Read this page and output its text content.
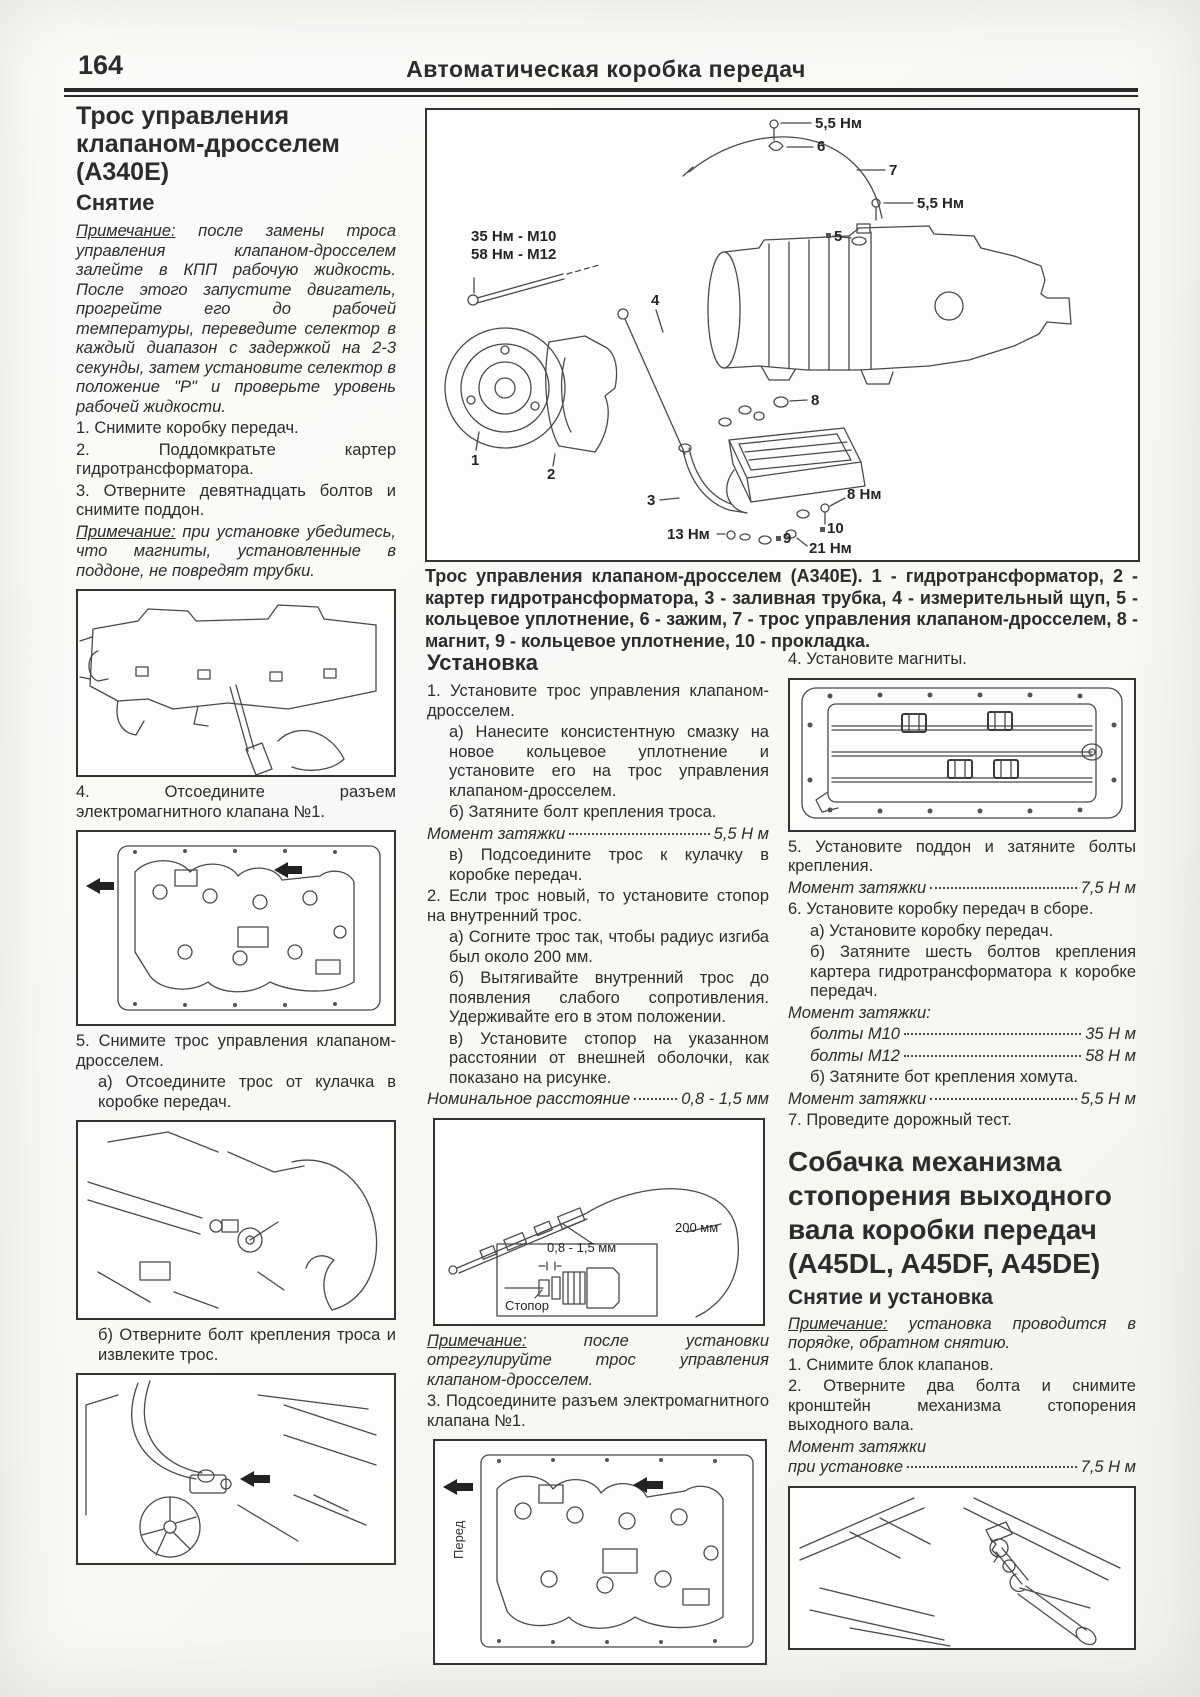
164	Автоматическая коробка передач
Трос управления клапаном-дросселем (А340Е)
Снятие

Примечание: после замены троса управления клапаном-дросселем залейте в КПП рабочую жидкость. После этого запустите двигатель, прогрейте его до рабочей температуры, переведите селектор в каждый диапазон с задержкой на 2-3 секунды, затем установите селектор в положение "Р" и проверьте уровень рабочей жидкости.

1. Снимите коробку передач.

2. Поддомкратьте картер гидротрансформатора.

3. Отверните девятнадцать болтов и снимите поддон.

Примечание: при установке убедитесь, что магниты, установленные в поддоне, не повредят трубки.

4. Отсоедините разъем электромагнитного клапана №1.

5. Снимите трос управления клапаном-дросселем.

а) Отсоедините трос от кулачка в коробке передач.

б) Отверните болт крепления троса и извлеките трос.

5,5 Нм
6
7
5,5 Нм
5
35 Нм - М10
58 Нм - М12
4
1
2
3
13 Нм	9
8
8 Нм
10
21 Нм
Трос управления клапаном-дросселем (А340Е). 1 - гидротрансформатор, 2 - картер гидротрансформатора, 3 - заливная трубка, 4 - измерительный щуп, 5 - кольцевое уплотнение, 6 - зажим, 7 - трос управления клапаном-дросселем, 8 - магнит, 9 - кольцевое уплотнение, 10 - прокладка.
Установка

1. Установите трос управления клапаном-дросселем.

а) Нанесите консистентную смазку на новое кольцевое уплотнение и установите его на трос управления клапаном-дросселем.

б) Затяните болт крепления троса.

Момент затяжки	5,5 Н м

в) Подсоедините трос к кулачку в коробке передач.

2. Если трос новый, то установите стопор на внутренний трос.

а) Согните трос так, чтобы радиус изгиба был около 200 мм.

б) Вытягивайте внутренний трос до появления слабого сопротивления. Удерживайте его в этом положении.

в) Установите стопор на указанном расстоянии от внешней оболочки, как показано на рисунке.

Номинальное расстояние	0,8 - 1,5 мм
0,8 - 1,5 мм
Стопор
200 мм

Примечание: после установки отрегулируйте трос управления клапаном-дросселем.

3. Подсоедините разъем электромагнитного клапана №1.

Перед

4. Установите магниты.

5. Установите поддон и затяните болты крепления.

Момент затяжки	7,5 Н м

6. Установите коробку передач в сборе.

а) Установите коробку передач.

б) Затяните шесть болтов крепления картера гидротрансформатора к коробке передач.

Момент затяжки:
болты М10	35 Н м
болты М12	58 Н м

б) Затяните бот крепления хомута.

Момент затяжки	5,5 Н м

7. Проведите дорожный тест.

Собачка механизма
стопорения выходного
вала коробки передач
(A45DL, A45DF, A45DE)
Снятие и установка

Примечание: установка проводится в порядке, обратном снятию.

1. Снимите блок клапанов.

2. Отверните два болта и снимите кронштейн механизма стопорения выходного вала.

Момент затяжки
при установке	7,5 Н м
